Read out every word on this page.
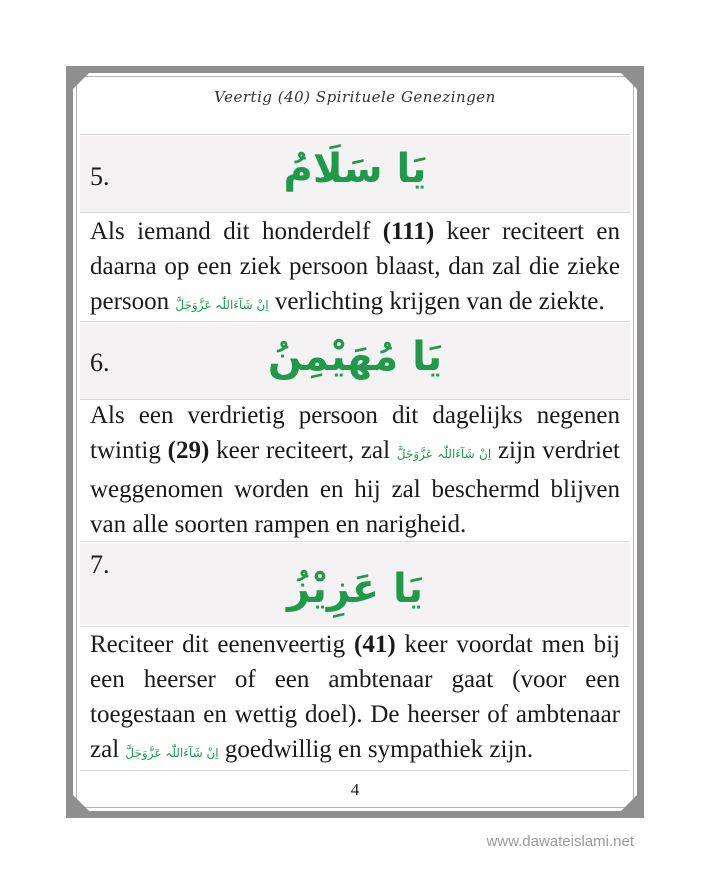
Veertig (40) Spirituele Genezingen
5.	يَا سَلَامُ
Als iemand dit honderdelf (111) keer reciteert en daarna op een ziek persoon blaast, dan zal die zieke persoon اِنْ شَآءَاللّٰہ عَزَّوَجَلَّ verlichting krijgen van de ziekte.
6.	يَا مُهَيْمِنُ
Als een verdrietig persoon dit dagelijks negenen twintig (29) keer reciteert, zal اِنْ شَآءَاللّٰہ عَزَّوَجَلَّ zijn verdriet weggenomen worden en hij zal beschermd blijven van alle soorten rampen en narigheid.
7.
يَا عَزِيْزُ
Reciteer dit eenenveertig (41) keer voordat men bij een heerser of een ambtenaar gaat (voor een toegestaan en wettig doel). De heerser of ambtenaar zal اِنْ شَآءَاللّٰہ عَزَّوَجَلَّ goedwillig en sympathiek zijn.
4
www.dawateislami.net
